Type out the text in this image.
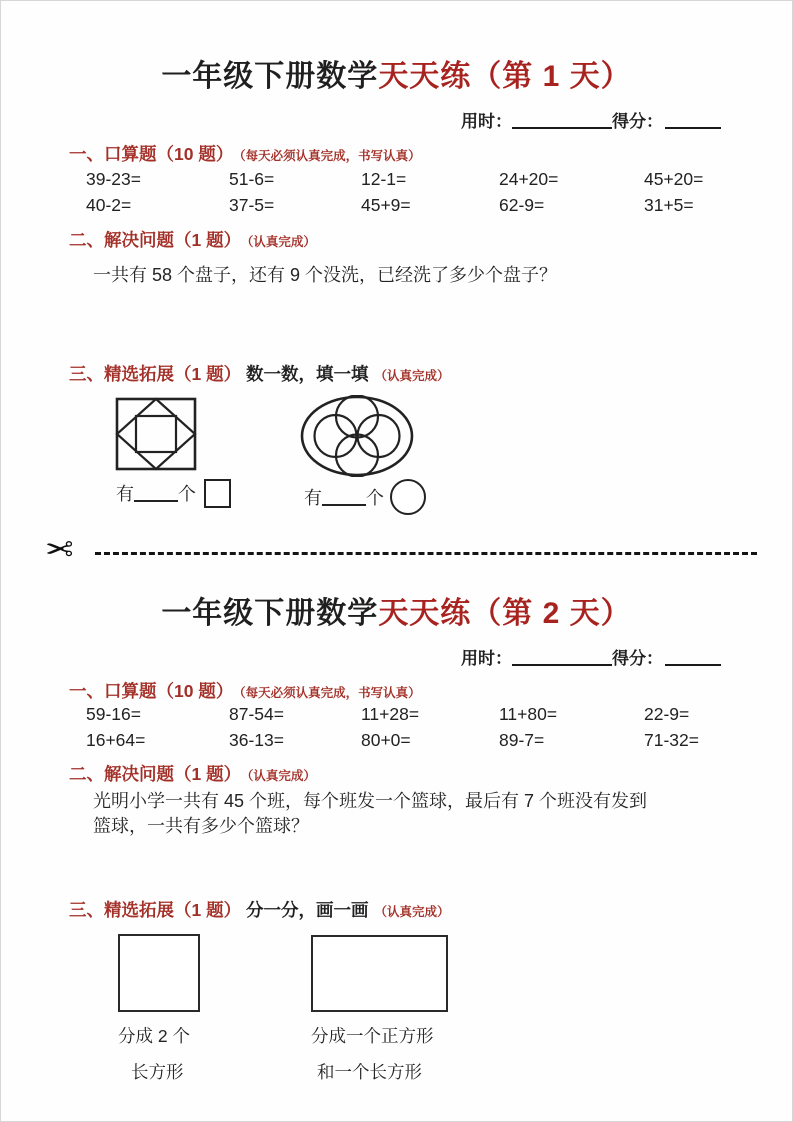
一年级下册数学天天练（第 1 天）
用时：	得分：
一、口算题（10 题） （每天必须认真完成，书写认真）
39-23=	51-6=	12-1=	24+20=	45+20=
40-2=	37-5=	45+9=	62-9=	31+5=
二、解决问题（1 题） （认真完成）
一共有 58 个盘子，还有 9 个没洗，已经洗了多少个盘子？
三、精选拓展（1 题） 数一数，填一填 （认真完成）
有 个	有 个
✂
一年级下册数学天天练（第 2 天）
用时：	得分：
一、口算题（10 题） （每天必须认真完成，书写认真）
59-16=	87-54=	11+28=	11+80=	22-9=
16+64=	36-13=	80+0=	89-7=	71-32=
二、解决问题（1 题） （认真完成）
光明小学一共有 45 个班，每个班发一个篮球，最后有 7 个班没有发到
篮球，一共有多少个篮球？
三、精选拓展（1 题） 分一分，画一画 （认真完成）
分成 2 个
长方形
分成一个正方形
和一个长方形
